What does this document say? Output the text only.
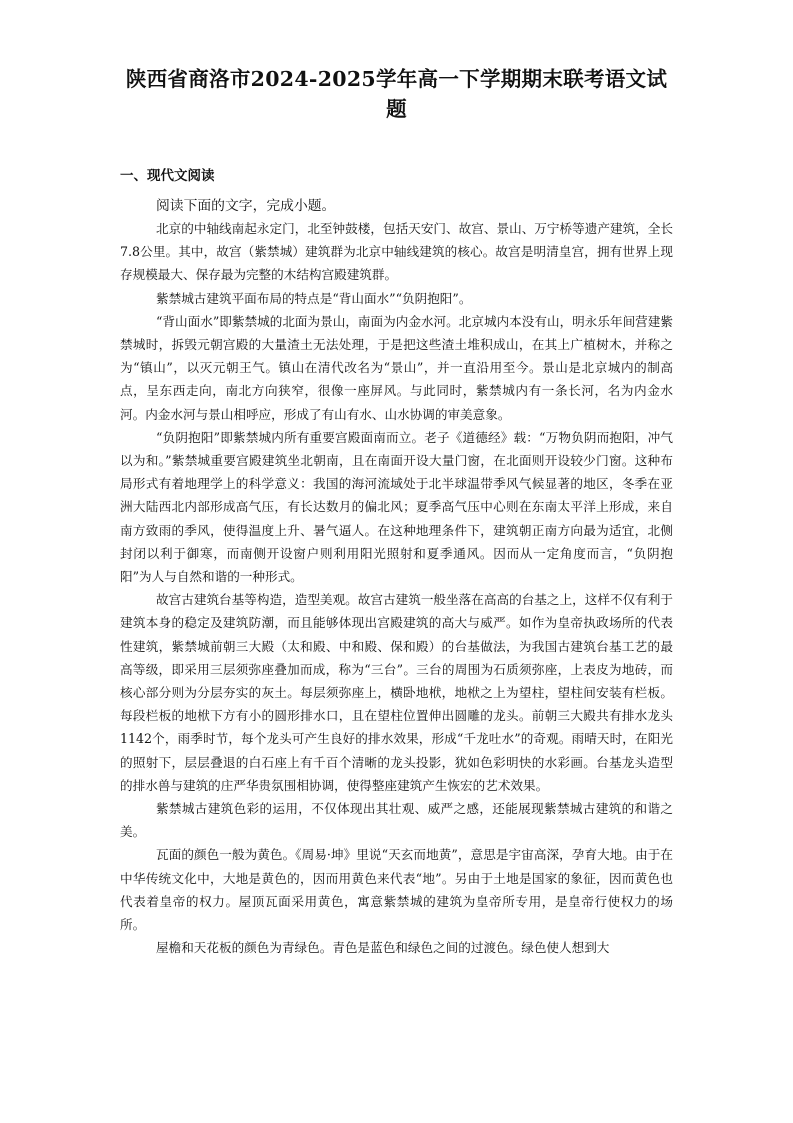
陕西省商洛市2024-2025学年高一下学期期末联考语文试题
一、现代文阅读
阅读下面的文字，完成小题。

北京的中轴线南起永定门，北至钟鼓楼，包括天安门、故宫、景山、万宁桥等遗产建筑，全长7.8公里。其中，故宫（紫禁城）建筑群为北京中轴线建筑的核心。故宫是明清皇宫，拥有世界上现存规模最大、保存最为完整的木结构宫殿建筑群。

紫禁城古建筑平面布局的特点是“背山面水”“负阴抱阳”。

“背山面水”即紫禁城的北面为景山，南面为内金水河。北京城内本没有山，明永乐年间营建紫禁城时，拆毁元朝宫殿的大量渣土无法处理，于是把这些渣土堆积成山，在其上广植树木，并称之为“镇山”，以灭元朝王气。镇山在清代改名为“景山”，并一直沿用至今。景山是北京城内的制高点，呈东西走向，南北方向狭窄，很像一座屏风。与此同时，紫禁城内有一条长河，名为内金水河。内金水河与景山相呼应，形成了有山有水、山水协调的审美意象。

“负阴抱阳”即紫禁城内所有重要宫殿面南而立。老子《道德经》载：“万物负阴而抱阳，冲气以为和。”紫禁城重要宫殿建筑坐北朝南，且在南面开设大量门窗，在北面则开设较少门窗。这种布局形式有着地理学上的科学意义：我国的海河流域处于北半球温带季风气候显著的地区，冬季在亚洲大陆西北内部形成高气压，有长达数月的偏北风；夏季高气压中心则在东南太平洋上形成，来自南方致雨的季风，使得温度上升、暑气逼人。在这种地理条件下，建筑朝正南方向最为适宜，北侧封闭以利于御寒，而南侧开设窗户则利用阳光照射和夏季通风。因而从一定角度而言，“负阴抱阳”为人与自然和谐的一种形式。

故宫古建筑台基等构造，造型美观。故宫古建筑一般坐落在高高的台基之上，这样不仅有利于建筑本身的稳定及建筑防潮，而且能够体现出宫殿建筑的高大与威严。如作为皇帝执政场所的代表性建筑，紫禁城前朝三大殿（太和殿、中和殿、保和殿）的台基做法，为我国古建筑台基工艺的最高等级，即采用三层须弥座叠加而成，称为“三台”。三台的周围为石质须弥座，上表皮为地砖，而核心部分则为分层夯实的灰土。每层须弥座上，横卧地栿，地栿之上为望柱，望柱间安装有栏板。每段栏板的地栿下方有小的圆形排水口，且在望柱位置伸出圆雕的龙头。前朝三大殿共有排水龙头1142个，雨季时节，每个龙头可产生良好的排水效果，形成“千龙吐水”的奇观。雨晴天时，在阳光的照射下，层层叠退的白石座上有千百个清晰的龙头投影，犹如色彩明快的水彩画。台基龙头造型的排水兽与建筑的庄严华贵氛围相协调，使得整座建筑产生恢宏的艺术效果。

紫禁城古建筑色彩的运用，不仅体现出其壮观、威严之感，还能展现紫禁城古建筑的和谐之美。

瓦面的颜色一般为黄色。《周易·坤》里说“天玄而地黄”，意思是宇宙高深，孕育大地。由于在中华传统文化中，大地是黄色的，因而用黄色来代表“地”。另由于土地是国家的象征，因而黄色也代表着皇帝的权力。屋顶瓦面采用黄色，寓意紫禁城的建筑为皇帝所专用，是皇帝行使权力的场所。

屋檐和天花板的颜色为青绿色。青色是蓝色和绿色之间的过渡色。绿色使人想到大
